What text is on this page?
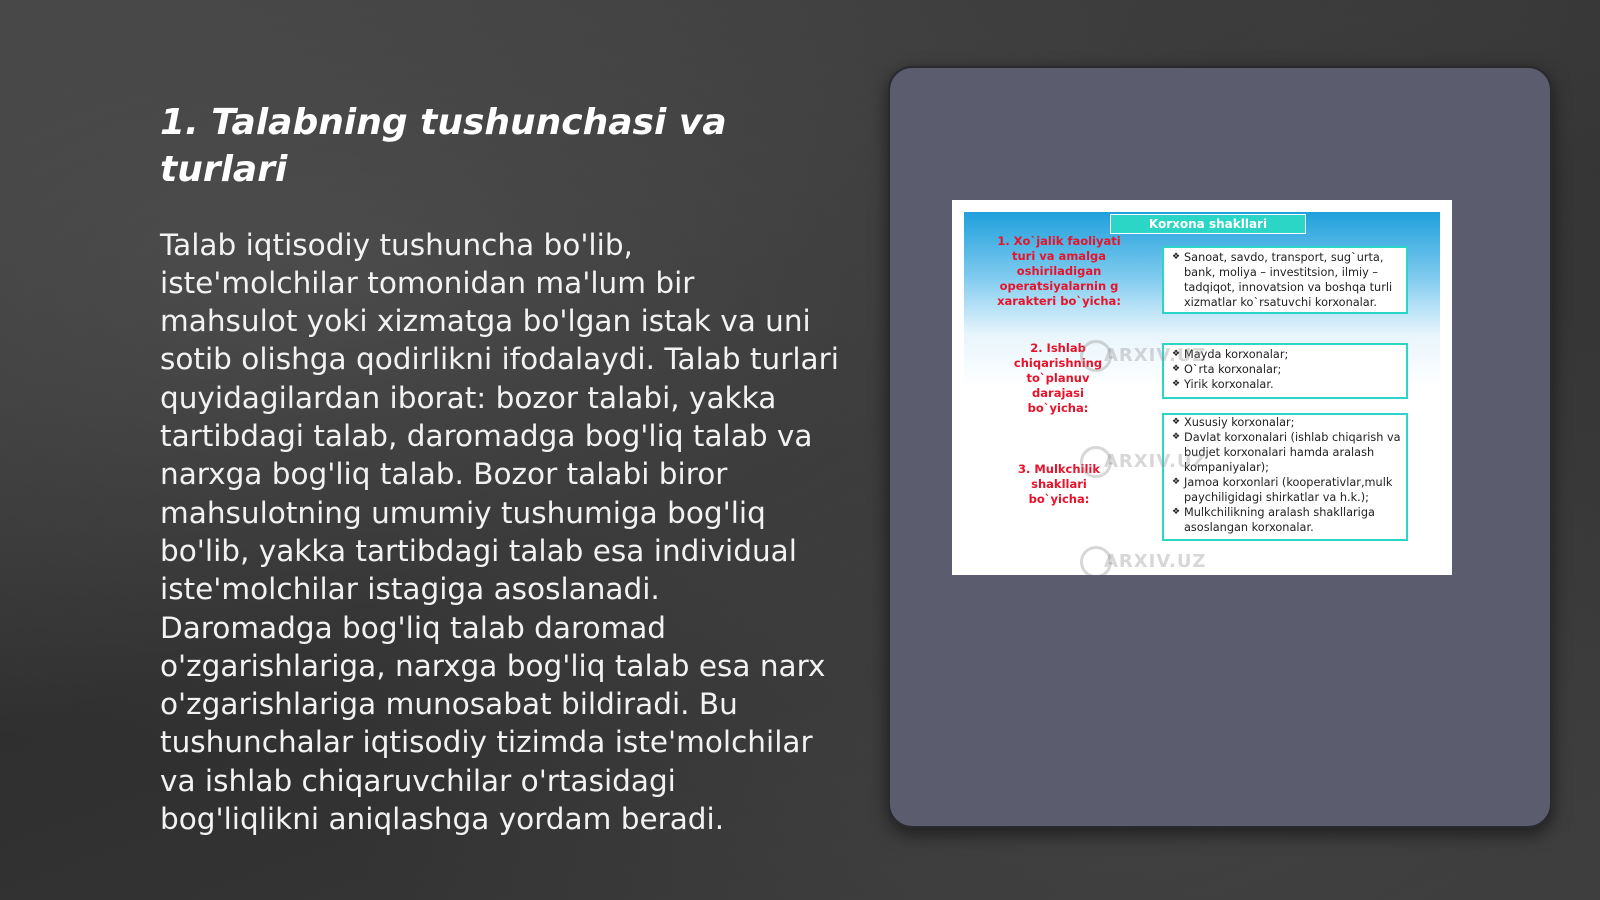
1. Talabning tushunchasi va turlari

Talab iqtisodiy tushuncha bo'lib, iste'molchilar tomonidan ma'lum bir mahsulot yoki xizmatga bo'lgan istak va uni sotib olishga qodirlikni ifodalaydi. Talab turlari quyidagilardan iborat: bozor talabi, yakka tartibdagi talab, daromadga bog'liq talab va narxga bog'liq talab. Bozor talabi biror mahsulotning umumiy tushumiga bog'liq bo'lib, yakka tartibdagi talab esa individual iste'molchilar istagiga asoslanadi. Daromadga bog'liq talab daromad o'zgarishlariga, narxga bog'liq talab esa narx o'zgarishlariga munosabat bildiradi. Bu tushunchalar iqtisodiy tizimda iste'molchilar va ishlab chiqaruvchilar o'rtasidagi bog'liqlikni aniqlashga yordam beradi.

Korxona shakllari
1. Xo`jalik faoliyati turi va amalga oshiriladigan operatsiyalarnin g xarakteri bo`yicha:
2. Ishlab chiqarishning to`planuv darajasi bo`yicha:
3. Mulkchilik shakllari bo`yicha:
❖ Sanoat, savdo, transport, sug`urta, bank, moliya – investitsion, ilmiy – tadqiqot, innovatsion va boshqa turli xizmatlar ko`rsatuvchi korxonalar.
❖ Mayda korxonalar;
❖ O`rta korxonalar;
❖ Yirik korxonalar.
❖ Xususiy korxonalar;
❖ Davlat korxonalari (ishlab chiqarish va budjet korxonalari hamda aralash kompaniyalar);
❖ Jamoa korxonlari (kooperativlar,mulk paychiligidagi shirkatlar va h.k.);
❖ Mulkchilikning aralash shakllariga asoslangan korxonalar.
ARXIV.UZ
ARXIV.UZ
ARXIV.UZ
